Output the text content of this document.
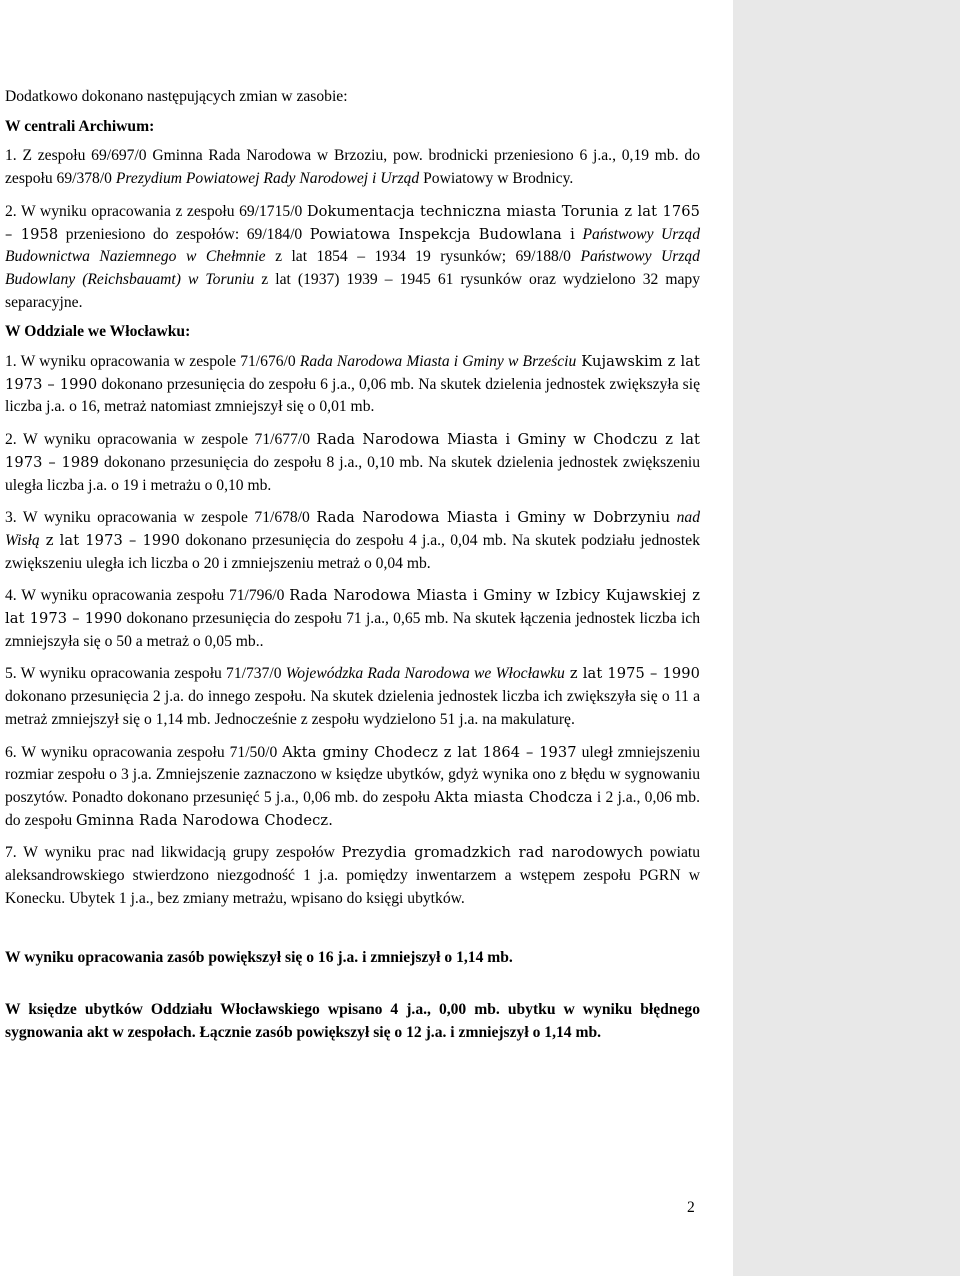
Dodatkowo dokonano następujących zmian w zasobie:

W centrali Archiwum:

1. Z zespołu 69/697/0 Gminna Rada Narodowa w Brzoziu, pow. brodnicki przeniesiono 6 j.a., 0,19 mb. do zespołu 69/378/0 Prezydium Powiatowej Rady Narodowej i Urząd Powiatowy w Brodnicy.

2. W wyniku opracowania z zespołu 69/1715/0 Dokumentacja techniczna miasta Torunia z lat 1765 – 1958 przeniesiono do zespołów: 69/184/0 Powiatowa Inspekcja Budowlana i Państwowy Urząd Budownictwa Naziemnego w Chełmnie z lat 1854 – 1934 19 rysunków; 69/188/0 Państwowy Urząd Budowlany (Reichsbauamt) w Toruniu z lat (1937) 1939 – 1945 61 rysunków oraz wydzielono 32 mapy separacyjne.

W Oddziale we Włocławku:

1. W wyniku opracowania w zespole 71/676/0 Rada Narodowa Miasta i Gminy w Brześciu Kujawskim z lat 1973 – 1990 dokonano przesunięcia do zespołu 6 j.a., 0,06 mb. Na skutek dzielenia jednostek zwiększyła się liczba j.a. o 16, metraż natomiast zmniejszył się o 0,01 mb.

2. W wyniku opracowania w zespole 71/677/0 Rada Narodowa Miasta i Gminy w Chodczu z lat 1973 – 1989 dokonano przesunięcia do zespołu 8 j.a., 0,10 mb. Na skutek dzielenia jednostek zwiększeniu uległa liczba j.a. o 19 i metrażu o 0,10 mb.

3. W wyniku opracowania w zespole 71/678/0 Rada Narodowa Miasta i Gminy w Dobrzyniu nad Wisłą z lat 1973 – 1990 dokonano przesunięcia do zespołu 4 j.a., 0,04 mb. Na skutek podziału jednostek zwiększeniu uległa ich liczba o 20 i zmniejszeniu metraż o 0,04 mb.

4. W wyniku opracowania zespołu 71/796/0 Rada Narodowa Miasta i Gminy w Izbicy Kujawskiej z lat 1973 – 1990 dokonano przesunięcia do zespołu 71 j.a., 0,65 mb. Na skutek łączenia jednostek liczba ich zmniejszyła się o 50 a metraż o 0,05 mb..

5. W wyniku opracowania zespołu 71/737/0 Wojewódzka Rada Narodowa we Włocławku z lat 1975 – 1990 dokonano przesunięcia 2 j.a. do innego zespołu. Na skutek dzielenia jednostek liczba ich zwiększyła się o 11 a metraż zmniejszył się o 1,14 mb. Jednocześnie z zespołu wydzielono 51 j.a. na makulaturę.

6. W wyniku opracowania zespołu 71/50/0 Akta gminy Chodecz z lat 1864 – 1937 uległ zmniejszeniu rozmiar zespołu o 3 j.a. Zmniejszenie zaznaczono w księdze ubytków, gdyż wynika ono z błędu w sygnowaniu poszytów. Ponadto dokonano przesunięć 5 j.a., 0,06 mb. do zespołu Akta miasta Chodcza i 2 j.a., 0,06 mb. do zespołu Gminna Rada Narodowa Chodecz.

7. W wyniku prac nad likwidacją grupy zespołów Prezydia gromadzkich rad narodowych powiatu aleksandrowskiego stwierdzono niezgodność 1 j.a. pomiędzy inwentarzem a wstępem zespołu PGRN w Konecku. Ubytek 1 j.a., bez zmiany metrażu, wpisano do księgi ubytków.

W wyniku opracowania zasób powiększył się o 16 j.a. i zmniejszył o 1,14 mb.

W księdze ubytków Oddziału Włocławskiego wpisano 4 j.a., 0,00 mb. ubytku w wyniku błędnego sygnowania akt w zespołach. Łącznie zasób powiększył się o 12 j.a. i zmniejszył o 1,14 mb.

2
